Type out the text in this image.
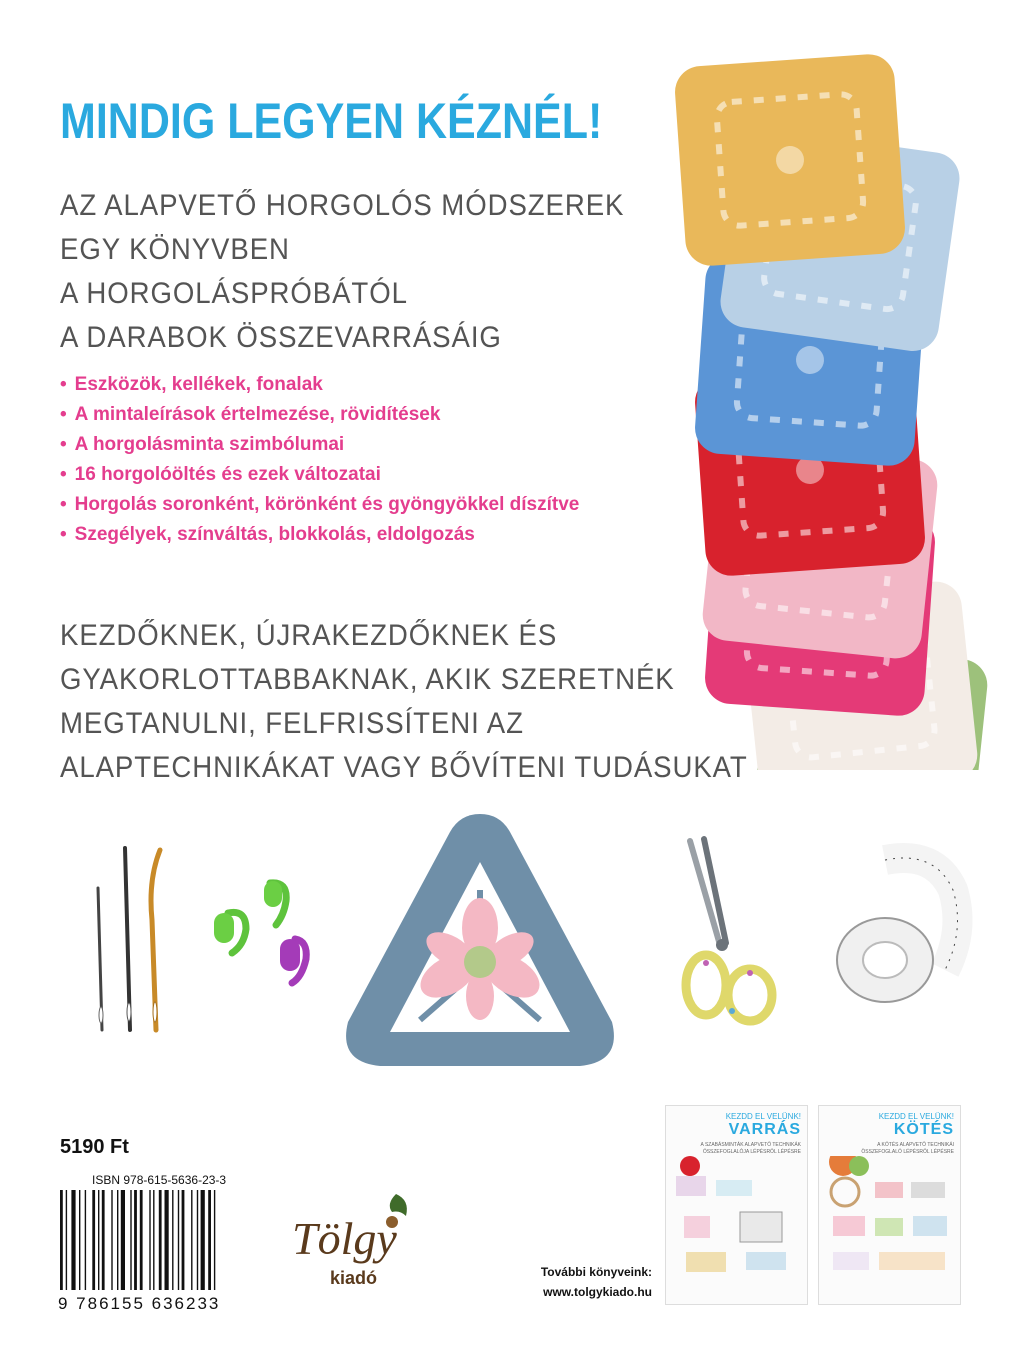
MINDIG LEGYEN KÉZNÉL!
AZ ALAPVETŐ HORGOLÓS MÓDSZEREK
EGY KÖNYVBEN
A HORGOLÁSPRÓBÁTÓL
A DARABOK ÖSSZEVARRÁSÁIG
• Eszközök, kellékek, fonalak
• A mintaleírások értelmezése, rövidítések
• A horgolásminta szimbólumai
• 16 horgolóöltés és ezek változatai
• Horgolás soronként, körönként és gyöngyökkel díszítve
• Szegélyek, színváltás, blokkolás, eldolgozás
KEZDŐKNEK, ÚJRAKEZDŐKNEK ÉS
GYAKORLOTTABBAKNAK, AKIK SZERETNÉK
MEGTANULNI, FELFRISSÍTENI AZ
ALAPTECHNIKÁKAT VAGY BŐVÍTENI TUDÁSUKAT
5190 Ft
ISBN 978-615-5636-23-3
9 786155 636233
Tölgy
kiadó	További könyveink:
www.tolgykiado.hu
KEZDD EL VELÜNK!
VARRÁS
A SZABÁSMINTÁK ALAPVETŐ TECHNIKÁK ÖSSZEFOGLALÓJA LÉPÉSRŐL LÉPÉSRE
KEZDD EL VELÜNK!
KÖTÉS
A KÖTÉS ALAPVETŐ TECHNIKÁI ÖSSZEFOGLALÓ LÉPÉSRŐL LÉPÉSRE
